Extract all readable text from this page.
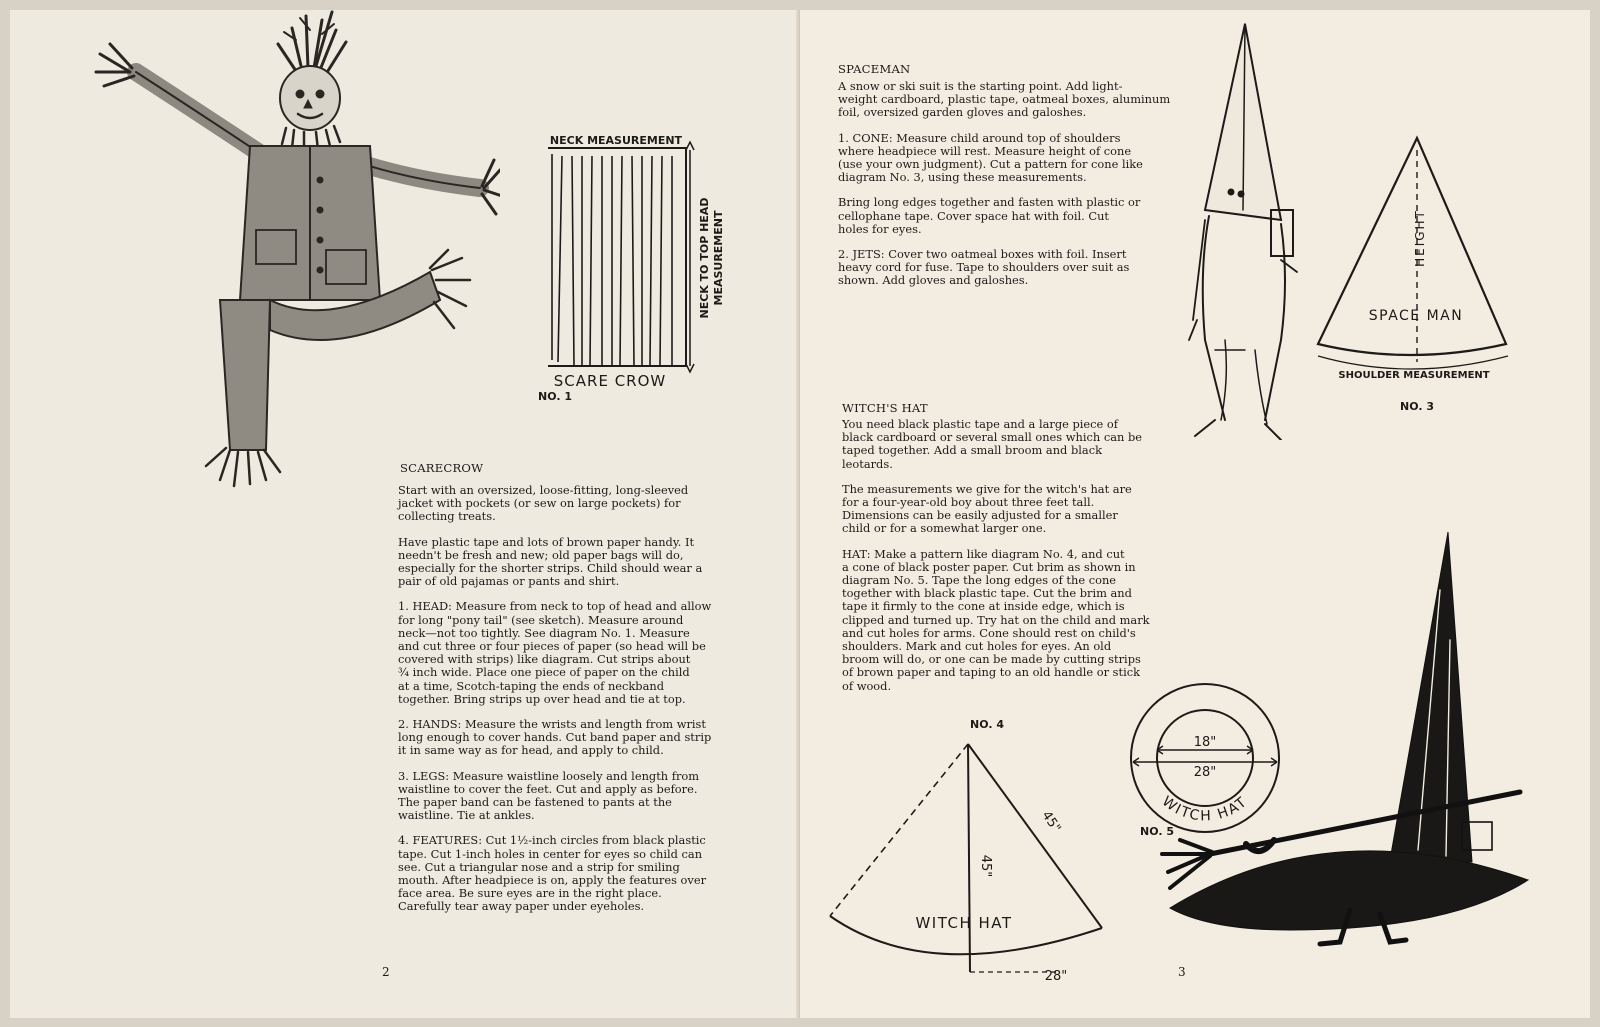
NECK MEASUREMENT
NECK TO TOP HEAD MEASUREMENT
SCARE CROW
NO. 1
SCARECROW

Start with an oversized, loose-fitting, long-sleeved
jacket with pockets (or sew on large pockets) for
collecting treats.

Have plastic tape and lots of brown paper handy. It
needn't be fresh and new; old paper bags will do,
especially for the shorter strips. Child should wear a
pair of old pajamas or pants and shirt.

1. HEAD: Measure from neck to top of head and allow
for long "pony tail" (see sketch). Measure around
neck—not too tightly. See diagram No. 1. Measure
and cut three or four pieces of paper (so head will be
covered with strips) like diagram. Cut strips about
¾ inch wide. Place one piece of paper on the child
at a time, Scotch-taping the ends of neckband
together. Bring strips up over head and tie at top.

2. HANDS: Measure the wrists and length from wrist
long enough to cover hands. Cut band paper and strip
it in same way as for head, and apply to child.

3. LEGS: Measure waistline loosely and length from
waistline to cover the feet. Cut and apply as before.
The paper band can be fastened to pants at the
waistline. Tie at ankles.

4. FEATURES: Cut 1½-inch circles from black plastic
tape. Cut 1-inch holes in center for eyes so child can
see. Cut a triangular nose and a strip for smiling
mouth. After headpiece is on, apply the features over
face area. Be sure eyes are in the right place.
Carefully tear away paper under eyeholes.

2
SPACEMAN

A snow or ski suit is the starting point. Add light-
weight cardboard, plastic tape, oatmeal boxes, aluminum
foil, oversized garden gloves and galoshes.

1. CONE: Measure child around top of shoulders
where headpiece will rest. Measure height of cone
(use your own judgment). Cut a pattern for cone like
diagram No. 3, using these measurements.

Bring long edges together and fasten with plastic or
cellophane tape. Cover space hat with foil. Cut
holes for eyes.

2. JETS: Cover two oatmeal boxes with foil. Insert
heavy cord for fuse. Tape to shoulders over suit as
shown. Add gloves and galoshes.

HEIGHT
SPACE MAN
SHOULDER MEASUREMENT
NO. 3
WITCH'S HAT

You need black plastic tape and a large piece of
black cardboard or several small ones which can be
taped together. Add a small broom and black
leotards.

The measurements we give for the witch's hat are
for a four-year-old boy about three feet tall.
Dimensions can be easily adjusted for a smaller
child or for a somewhat larger one.

HAT: Make a pattern like diagram No. 4, and cut
a cone of black poster paper. Cut brim as shown in
diagram No. 5. Tape the long edges of the cone
together with black plastic tape. Cut the brim and
tape it firmly to the cone at inside edge, which is
clipped and turned up. Try hat on the child and mark
and cut holes for arms. Cone should rest on child's
shoulders. Mark and cut holes for eyes. An old
broom will do, or one can be made by cutting strips
of brown paper and taping to an old handle or stick
of wood.

NO. 4
45"
45"
WITCH HAT
28"
18"
28"
WITCH HAT
NO. 5
3
